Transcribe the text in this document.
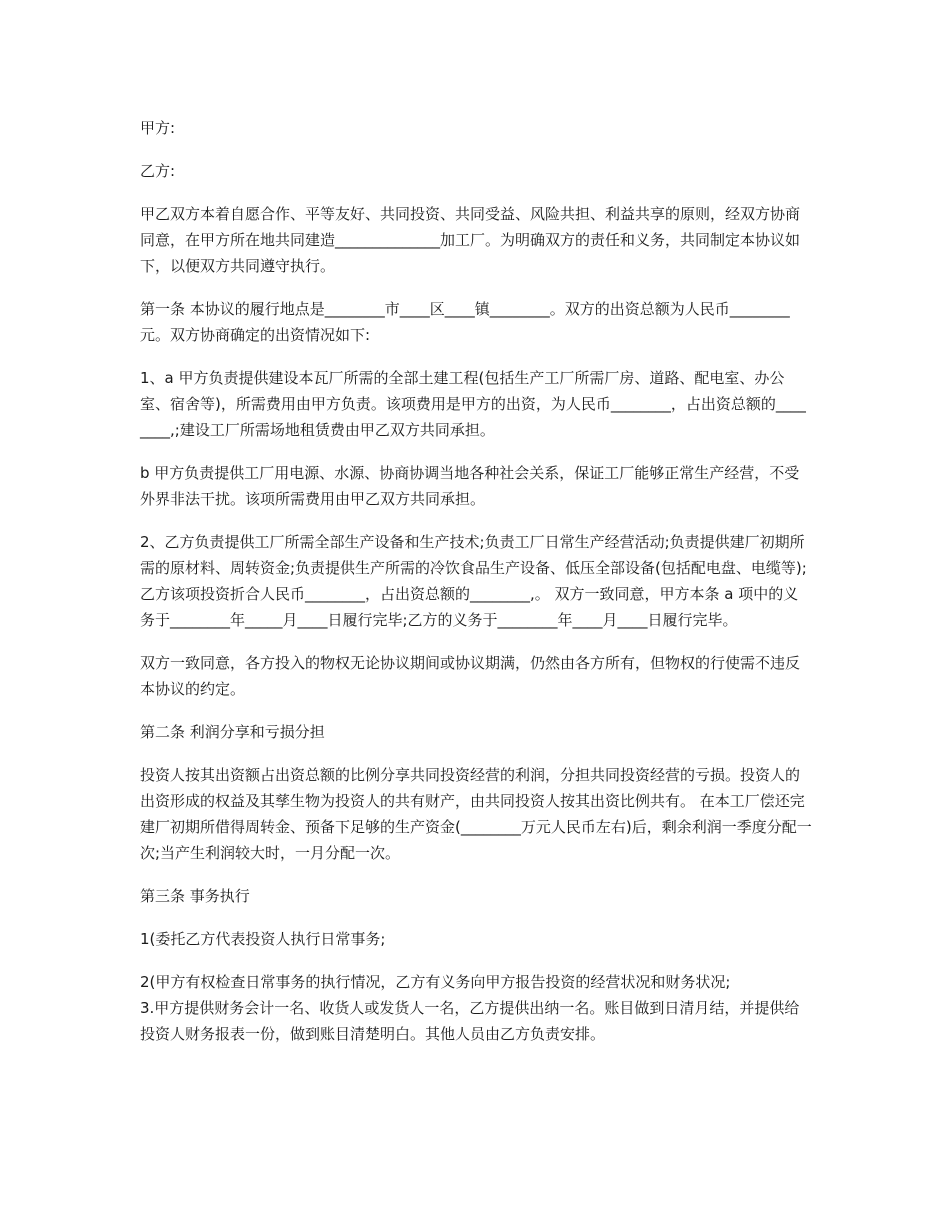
甲方:

乙方:

甲乙双方本着自愿合作、平等友好、共同投资、共同受益、风险共担、利益共享的原则，经双方协商同意，在甲方所在地共同建造______________加工厂。为明确双方的责任和义务，共同制定本协议如下，以便双方共同遵守执行。

第一条 本协议的履行地点是________市____区____镇________。双方的出资总额为人民币________元。双方协商确定的出资情况如下:

1、a 甲方负责提供建设本瓦厂所需的全部土建工程(包括生产工厂所需厂房、道路、配电室、办公室、宿舍等)，所需费用由甲方负责。该项费用是甲方的出资，为人民币________，占出资总额的________,;建设工厂所需场地租赁费由甲乙双方共同承担。

b 甲方负责提供工厂用电源、水源、协商协调当地各种社会关系，保证工厂能够正常生产经营，不受外界非法干扰。该项所需费用由甲乙双方共同承担。

2、乙方负责提供工厂所需全部生产设备和生产技术;负责工厂日常生产经营活动;负责提供建厂初期所需的原材料、周转资金;负责提供生产所需的冷饮食品生产设备、低压全部设备(包括配电盘、电缆等);乙方该项投资折合人民币________，占出资总额的________,。 双方一致同意，甲方本条 a 项中的义务于________年_____月____日履行完毕;乙方的义务于________年____月____日履行完毕。

双方一致同意，各方投入的物权无论协议期间或协议期满，仍然由各方所有，但物权的行使需不违反本协议的约定。

第二条 利润分享和亏损分担

投资人按其出资额占出资总额的比例分享共同投资经营的利润，分担共同投资经营的亏损。投资人的出资形成的权益及其孳生物为投资人的共有财产，由共同投资人按其出资比例共有。 在本工厂偿还完建厂初期所借得周转金、预备下足够的生产资金(________万元人民币左右)后，剩余利润一季度分配一次;当产生利润较大时，一月分配一次。

第三条 事务执行

1(委托乙方代表投资人执行日常事务;

2(甲方有权检查日常事务的执行情况，乙方有义务向甲方报告投资的经营状况和财务状况;

3.甲方提供财务会计一名、收货人或发货人一名，乙方提供出纳一名。账目做到日清月结，并提供给投资人财务报表一份，做到账目清楚明白。其他人员由乙方负责安排。
